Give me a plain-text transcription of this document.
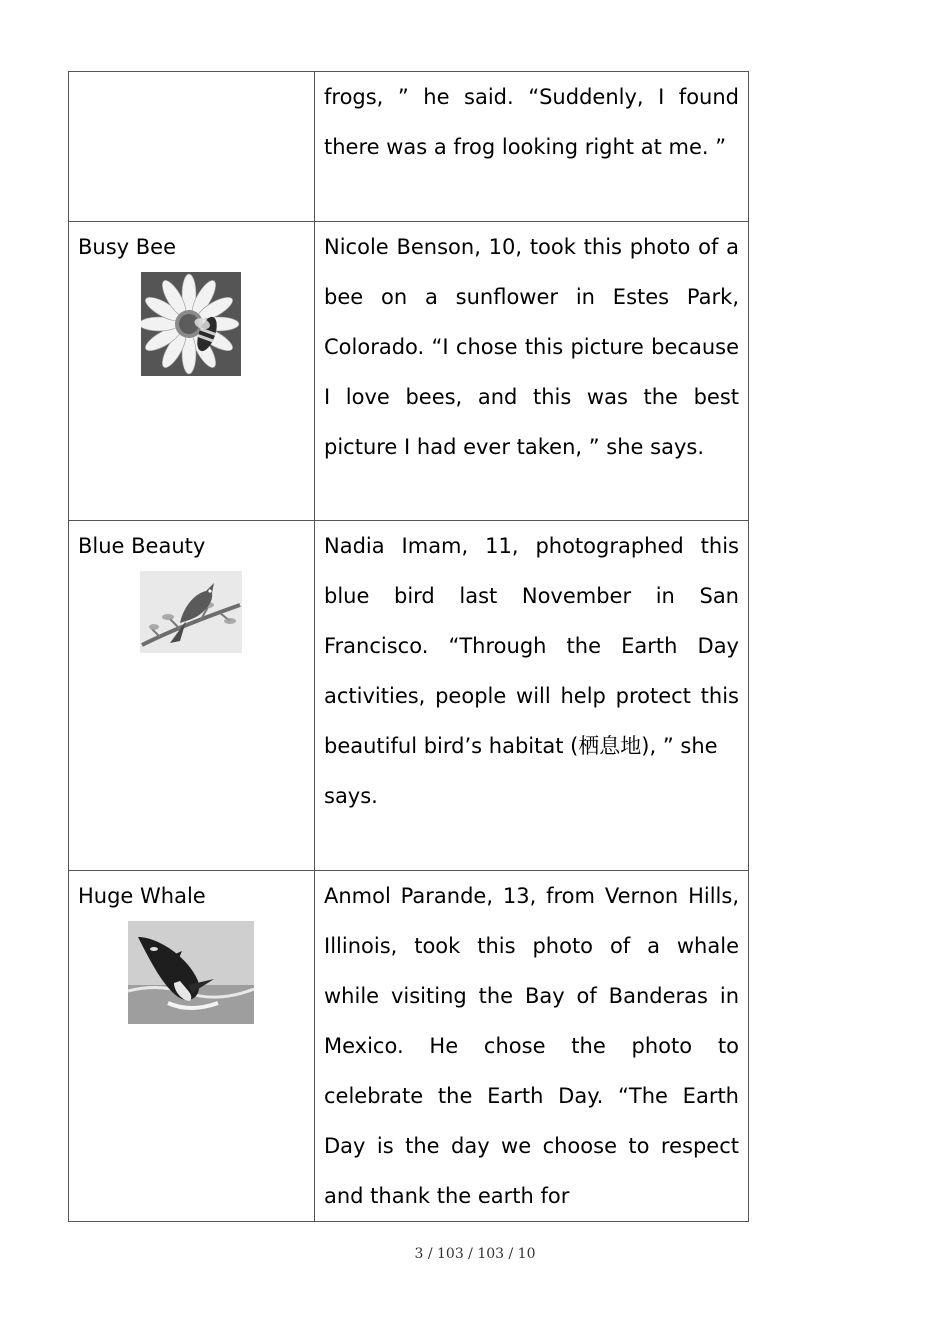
	frogs, ” he said. “Suddenly, I found there was a frog looking right at me. ”

Busy Bee	Nicole Benson, 10, took this photo of a bee on a sunflower in Estes Park, Colorado. “I chose this picture because I love bees, and this was the best picture I had ever taken, ” she says.

Blue Beauty	Nadia Imam, 11, photographed this blue bird last November in San Francisco. “Through the Earth Day activities, people will help protect this beautiful bird’s habitat (栖息地), ” she

says.

Huge Whale	Anmol Parande, 13, from Vernon Hills, Illinois, took this photo of a whale while visiting the Bay of Banderas in Mexico. He chose the photo to celebrate the Earth Day. “The Earth Day is the day we choose to respect and thank the earth for
3 / 103 / 103 / 10
